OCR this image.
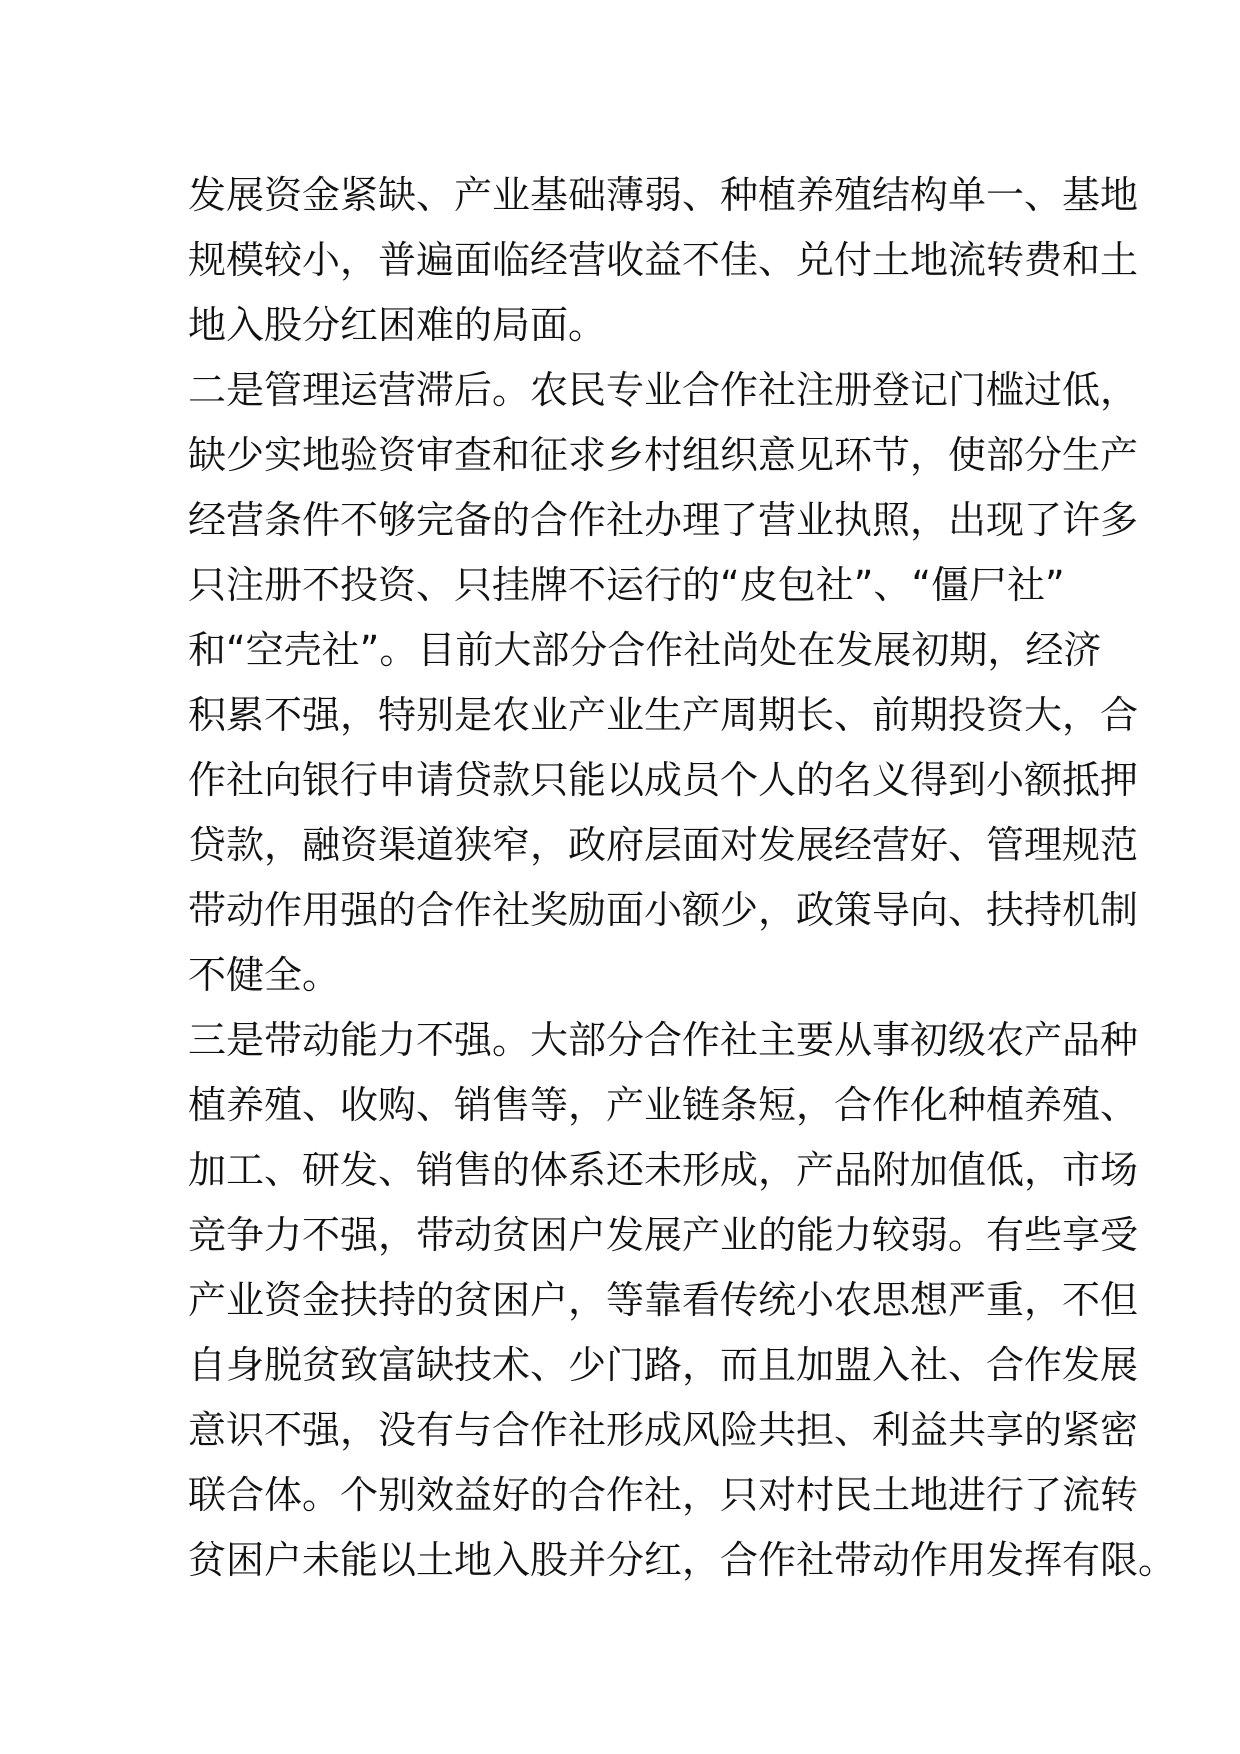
发展资金紧缺、产业基础薄弱、种植养殖结构单一、基地
规模较小，普遍面临经营收益不佳、兑付土地流转费和土
地入股分红困难的局面。
二是管理运营滞后。农民专业合作社注册登记门槛过低，
缺少实地验资审查和征求乡村组织意见环节，使部分生产
经营条件不够完备的合作社办理了营业执照，出现了许多
只注册不投资、只挂牌不运行的“皮包社”、“僵尸社”
和“空壳社”。目前大部分合作社尚处在发展初期，经济
积累不强，特别是农业产业生产周期长、前期投资大，合
作社向银行申请贷款只能以成员个人的名义得到小额抵押
贷款，融资渠道狭窄，政府层面对发展经营好、管理规范
带动作用强的合作社奖励面小额少，政策导向、扶持机制
不健全。
三是带动能力不强。大部分合作社主要从事初级农产品种
植养殖、收购、销售等，产业链条短，合作化种植养殖、
加工、研发、销售的体系还未形成，产品附加值低，市场
竞争力不强，带动贫困户发展产业的能力较弱。有些享受
产业资金扶持的贫困户，等靠看传统小农思想严重，不但
自身脱贫致富缺技术、少门路，而且加盟入社、合作发展
意识不强，没有与合作社形成风险共担、利益共享的紧密
联合体。个别效益好的合作社，只对村民土地进行了流转
贫困户未能以土地入股并分红，合作社带动作用发挥有限。
